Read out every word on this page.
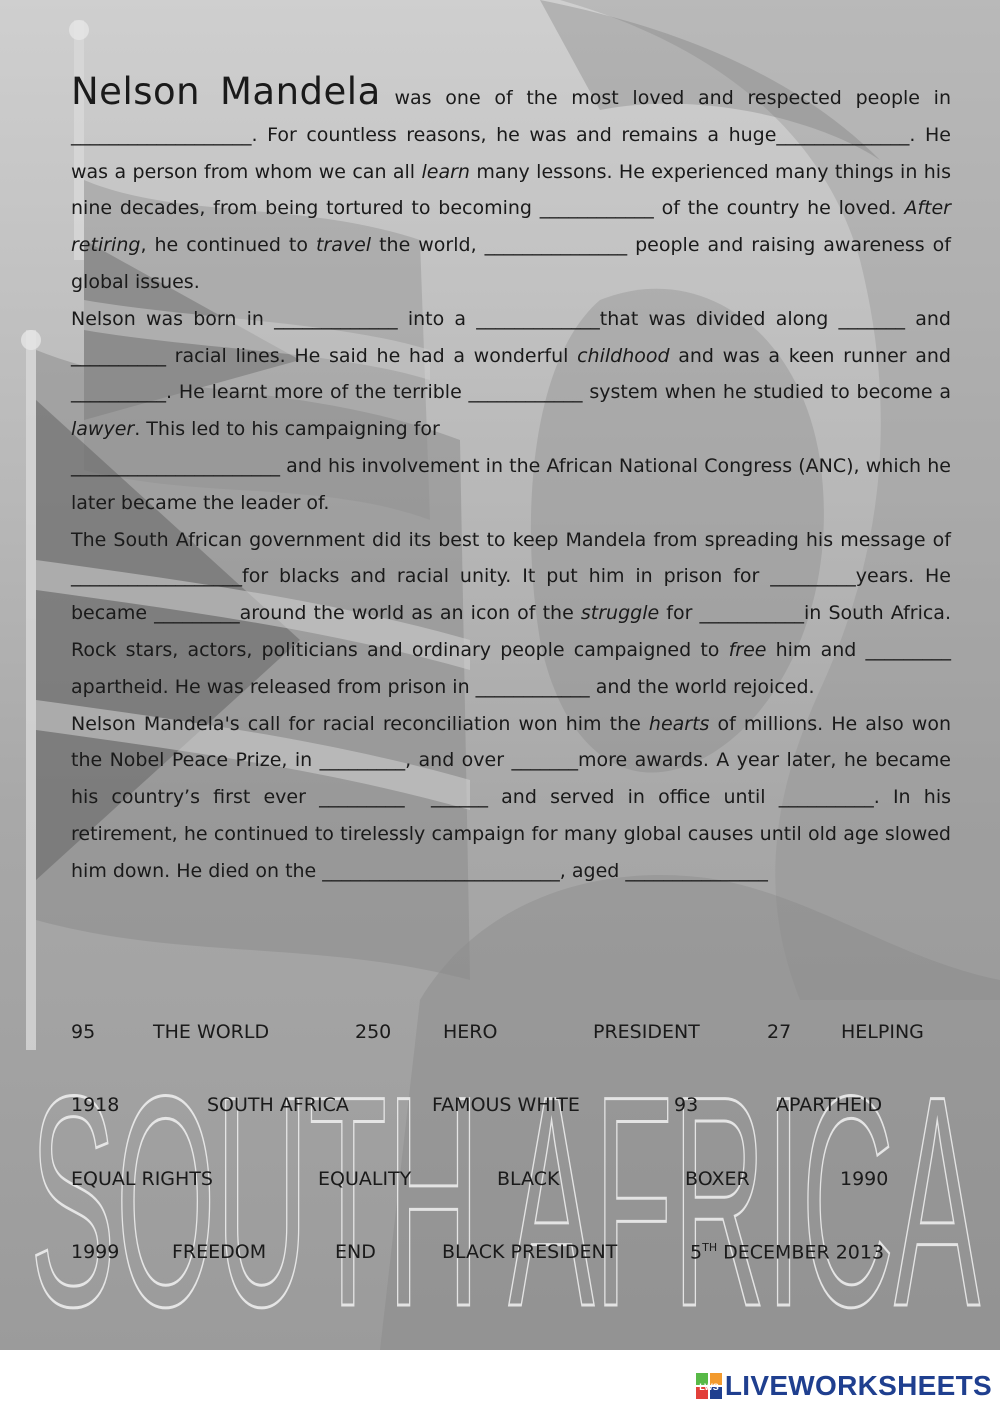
SOUTH AFRICA

Nelson Mandela was one of the most loved and respected people in ___________________. For countless reasons, he was and remains a huge______________. He was a person from whom we can all learn many lessons. He experienced many things in his nine decades, from being tortured to becoming ____________ of the country he loved. After retiring, he continued to travel the world, _______________ people and raising awareness of global issues.

Nelson was born in _____________ into a _____________that was divided along _______ and __________ racial lines. He said he had a wonderful childhood and was a keen runner and __________. He learnt more of the terrible ____________ system when he studied to become a lawyer. This led to his campaigning for
______________________ and his involvement in the African National Congress (ANC), which he later became the leader of.

The South African government did its best to keep Mandela from spreading his message of __________________for blacks and racial unity. It put him in prison for _________years. He became _________around the world as an icon of the struggle for ___________in South Africa. Rock stars, actors, politicians and ordinary people campaigned to free him and _________ apartheid. He was released from prison in ____________ and the world rejoiced.

Nelson Mandela's call for racial reconciliation won him the hearts of millions. He also won the Nobel Peace Prize, in _________, and over _______more awards. A year later, he became his country’s first ever _________ ______ and served in office until __________. In his retirement, he continued to tirelessly campaign for many global causes until old age slowed him down. He died on the _________________________, aged _______________

95	THE WORLD	250	HERO	PRESIDENT	27	HELPING
1918	SOUTH AFRICA	FAMOUS WHITE	93	APARTHEID
EQUAL RIGHTS	EQUALITY	BLACK	BOXER	1990
1999	FREEDOM	END	BLACK PRESIDENT	5TH DECEMBER 2013
LWS LIVEWORKSHEETS
